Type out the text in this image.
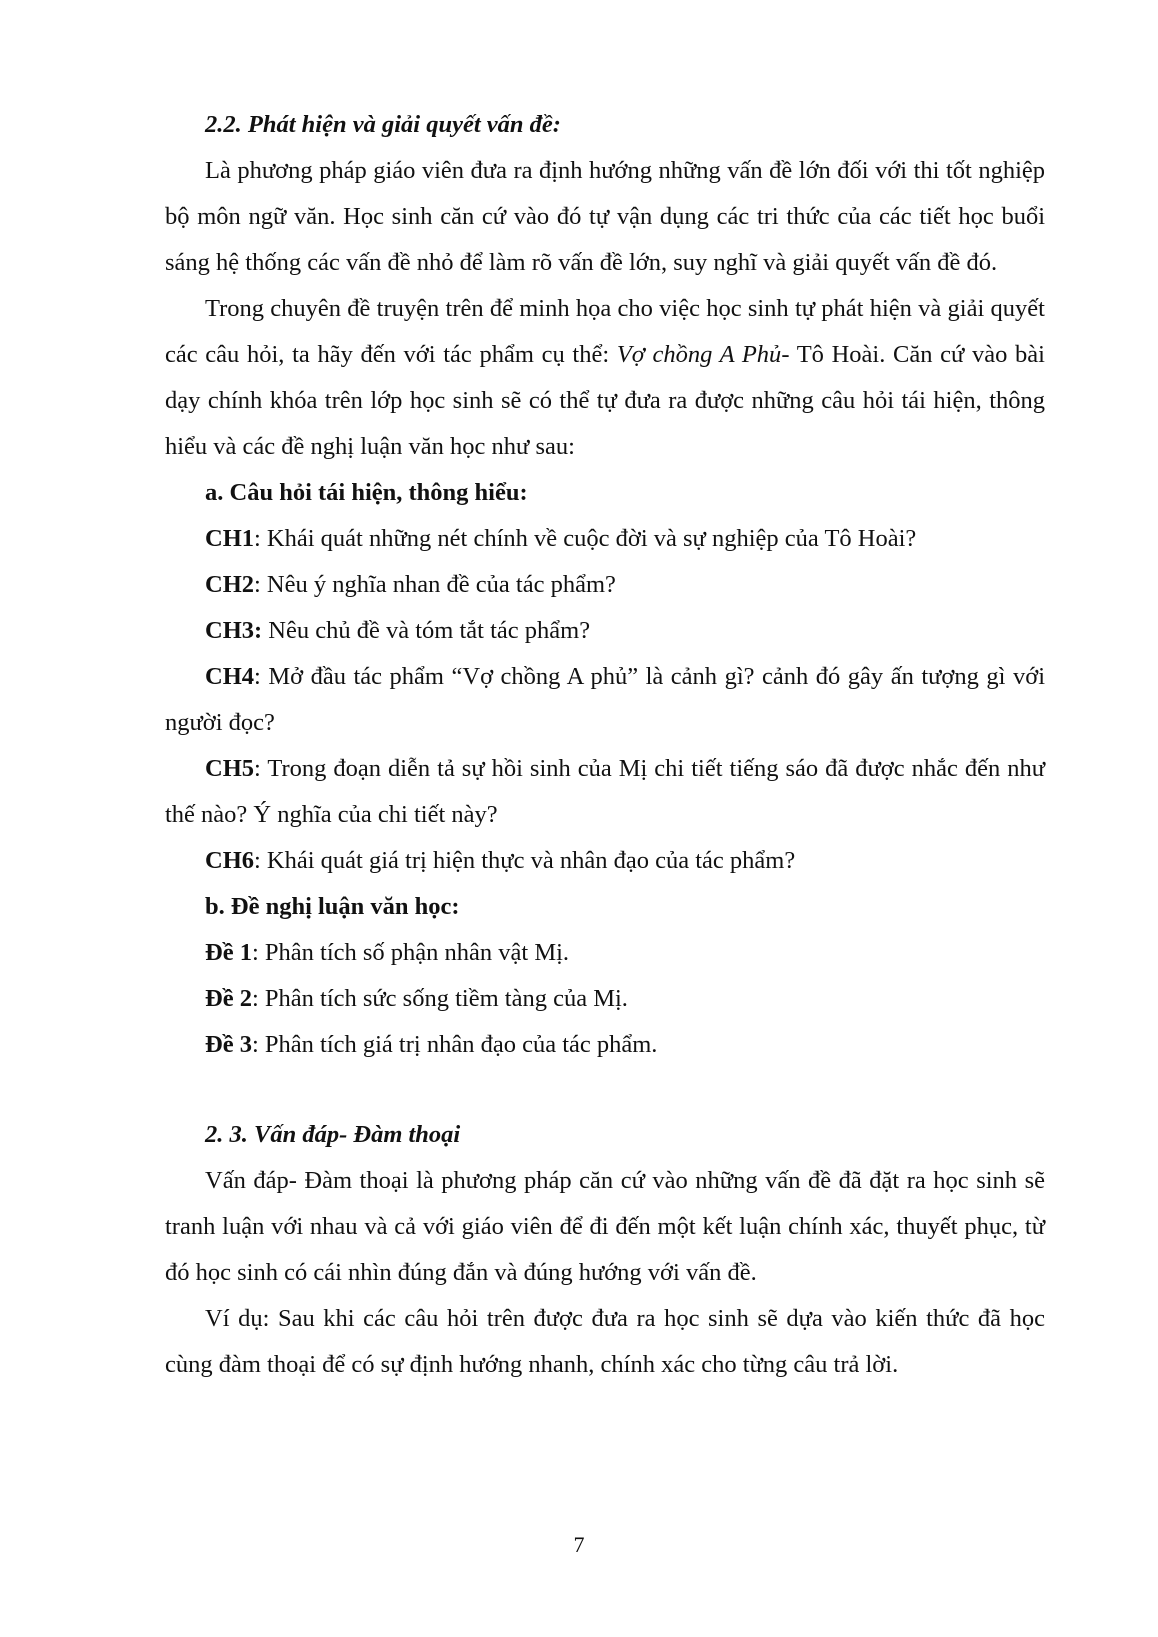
2.2. Phát hiện và giải quyết vấn đề:

Là phương pháp giáo viên đưa ra định hướng những vấn đề lớn đối với thi tốt nghiệp bộ môn ngữ văn. Học sinh căn cứ vào đó tự vận dụng các tri thức của các tiết học buổi sáng hệ thống các vấn đề nhỏ để làm rõ vấn đề lớn, suy nghĩ và giải quyết vấn đề đó.

Trong chuyên đề truyện trên để minh họa cho việc học sinh tự phát hiện và giải quyết các câu hỏi, ta hãy đến với tác phẩm cụ thể: Vợ chồng A Phủ- Tô Hoài. Căn cứ vào bài dạy chính khóa trên lớp học sinh sẽ có thể tự đưa ra được những câu hỏi tái hiện, thông hiểu và các đề nghị luận văn học như sau:

a. Câu hỏi tái hiện, thông hiểu:

CH1: Khái quát những nét chính về cuộc đời và sự nghiệp của Tô Hoài?

CH2: Nêu ý nghĩa nhan đề của tác phẩm?

CH3: Nêu chủ đề và tóm tắt tác phẩm?

CH4: Mở đầu tác phẩm “Vợ chồng A phủ” là cảnh gì? cảnh đó gây ấn tượng gì với người đọc?

CH5: Trong đoạn diễn tả sự hồi sinh của Mị chi tiết tiếng sáo đã được nhắc đến như thế nào? Ý nghĩa của chi tiết này?

CH6: Khái quát giá trị hiện thực và nhân đạo của tác phẩm?

b. Đề nghị luận văn học:

Đề 1: Phân tích số phận nhân vật Mị.

Đề 2: Phân tích sức sống tiềm tàng của Mị.

Đề 3: Phân tích giá trị nhân đạo của tác phẩm.

2. 3. Vấn đáp- Đàm thoại

Vấn đáp- Đàm thoại là phương pháp căn cứ vào những vấn đề đã đặt ra học sinh sẽ tranh luận với nhau và cả với giáo viên để đi đến một kết luận chính xác, thuyết phục, từ đó học sinh có cái nhìn đúng đắn và đúng hướng với vấn đề.

Ví dụ: Sau khi các câu hỏi trên được đưa ra học sinh sẽ dựa vào kiến thức đã học cùng đàm thoại để có sự định hướng nhanh, chính xác cho từng câu trả lời.

7
